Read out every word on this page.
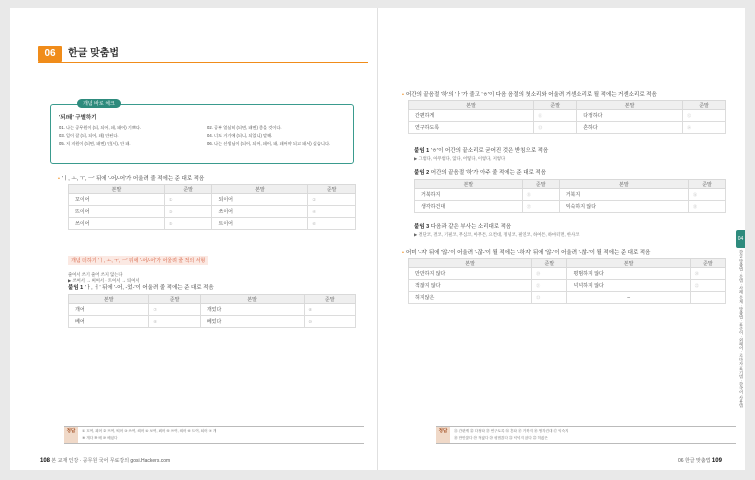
06	한글 맞춤법
개념 바로 체크
'되/돼' 구별하기
01. 나는 공무원이 (되, 되어, 돼, 돼어) 기쁘다.	02. 공부 열심히 (되면, 돼면) 좋을 것이다.
03. 일이 잘 (되, 되어, 돼) 안된다.	04. 너도 거기에 (되니, 되었니) 말해.
05. 저 지원이 (되면, 돼면) 인(시), 안 돼.	06. 나는 선생님이 (되어, 되어, 돼어, 돼, 돼어야 되고 돼서) 싶습니다.
• 'ㅣ, ㅗ, ㅜ, ㅡ' 뒤에 '-어/-어'가 어울려 줄 적에는 준 대로 적음
본말	준말	본말	준말
꼬이어	①	되이어	②
뜨이어	③	쓰이어	④
쓰이어	⑤	트이어	⑥
개념 더하기 'ㅣ, ㅗ, ㅜ, ㅡ' 뒤에 '-어/-어'가 어울려 줄 적의 서형
줄여서 쓰기 줄어 쓰지 않는다
▶ 쓰여서 → 써여서 · 트여서 → 틔여서
붙임 1 'ㅏ, ㅓ' 뒤에 '-어, -었-'이 어울려 줄 적에는 준 대로 적음
본말	준말	본말	준말
개어	⑦	개었다	⑧
베어	⑨	베었다	⑩
정답	① 꼬여, 꾀어 ② 뜨여, 띄어 ③ 쓰여, 씌어 ④ 보여, 뵈어 ⑤ 쓰여, 씌어 ⑥ 트여, 틔어 ⑦ 개
⑧ 개다 ⑨ 베 ⑩ 베었다
108 본 교재 인강 · 공무원 국어 무료강의 gosi.Hackers.com
• 어간의 끝음절 '하'의 'ㅏ'가 줄고 'ㅎ'이 다음 음절의 첫소리와 어울려 거센소리로 될 적에는 거센소리로 적음
본말	준말	본말	준말
간편하게	⑪	다정하다	⑫
연구하도록	⑬	흔하다	⑭
붙임 1 'ㅎ'이 어간의 끝소리로 굳어진 것은 받침으로 적음
▶ 그렇다, 아무렇다, 않다, 어떻다, 이렇다, 저렇다
붙임 2 어간의 끝음절 '하'가 아주 줄 적에는 준 대로 적음
본말	준말	본말	준말
거북하지	⑮	거북지	⑯
생각하건대	⑰	익숙하지 않다	⑱
붙임 3 다음과 같은 부사는 소리대로 적음
▶ 결단코, 결코, 기필코, 무심코, 아무튼, 요컨대, 정녕코, 필연코, 하여튼, 하마터면, 한사코
• 어미 '-지' 뒤에 '않-'이 어울려 '-잖-'이 될 적에는 '-하지' 뒤에 '않-'이 어울려 '-찮-'이 될 적에는 준 대로 적음
본말	준말	본말	준말
만만하지 않다	⑲	평범하지 않다	⑳
적잖지 않다	㉑	넉넉하지 않다	㉒
허지않은	㉓	–	
정답	⑪ 간편케 ⑫ 다정타 ⑬ 연구토록 ⑭ 흔타 ⑮ 거북지 ⑯ 생각건대 ⑰ 익숙지
⑱ 만만찮다 ⑲ 적잖다 ⑳ 평범찮다 ㉑ 넉넉지 않다 ㉒ 허잖은
06 한글 맞춤법 109
04
한글 맞춤법 · 문법 · 사례 문제 · 맞춤법 · 표준어 · 외래어 · 로마자 표기법 · 한국어 사용법
